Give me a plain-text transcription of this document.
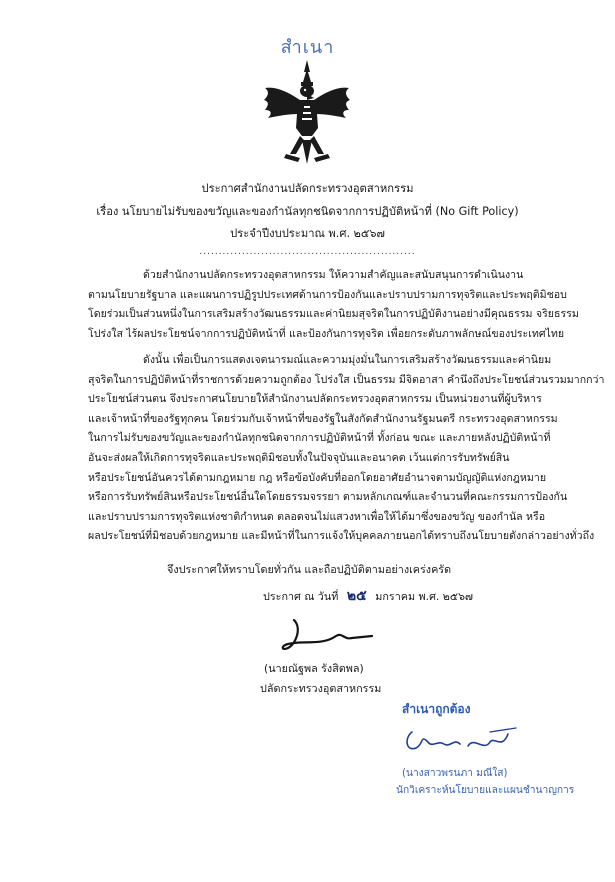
สำเนา
ประกาศสำนักงานปลัดกระทรวงอุตสาหกรรม
เรื่อง นโยบายไม่รับของขวัญและของกำนัลทุกชนิดจากการปฏิบัติหน้าที่ (No Gift Policy)
ประจำปีงบประมาณ พ.ศ. ๒๕๖๗
........................................................
ด้วยสำนักงานปลัดกระทรวงอุตสาหกรรม ให้ความสำคัญและสนับสนุนการดำเนินงาน
ตามนโยบายรัฐบาล และแผนการปฏิรูปประเทศด้านการป้องกันและปราบปรามการทุจริตและประพฤติมิชอบ
โดยร่วมเป็นส่วนหนึ่งในการเสริมสร้างวัฒนธรรมและค่านิยมสุจริตในการปฏิบัติงานอย่างมีคุณธรรม จริยธรรม
โปร่งใส ไร้ผลประโยชน์จากการปฏิบัติหน้าที่ และป้องกันการทุจริต เพื่อยกระดับภาพลักษณ์ของประเทศไทย
ดังนั้น เพื่อเป็นการแสดงเจตนารมณ์และความมุ่งมั่นในการเสริมสร้างวัฒนธรรมและค่านิยม
สุจริตในการปฏิบัติหน้าที่ราชการด้วยความถูกต้อง โปร่งใส เป็นธรรม มีจิตอาสา คำนึงถึงประโยชน์ส่วนรวมมากกว่า
ประโยชน์ส่วนตน จึงประกาศนโยบายให้สำนักงานปลัดกระทรวงอุตสาหกรรม เป็นหน่วยงานที่ผู้บริหาร
และเจ้าหน้าที่ของรัฐทุกคน โดยร่วมกับเจ้าหน้าที่ของรัฐในสังกัดสำนักงานรัฐมนตรี กระทรวงอุตสาหกรรม
ในการไม่รับของขวัญและของกำนัลทุกชนิดจากการปฏิบัติหน้าที่ ทั้งก่อน ขณะ และภายหลังปฏิบัติหน้าที่
อันจะส่งผลให้เกิดการทุจริตและประพฤติมิชอบทั้งในปัจจุบันและอนาคต เว้นแต่การรับทรัพย์สิน
หรือประโยชน์อันควรได้ตามกฎหมาย กฎ หรือข้อบังคับที่ออกโดยอาศัยอำนาจตามบัญญัติแห่งกฎหมาย
หรือการรับทรัพย์สินหรือประโยชน์อื่นใดโดยธรรมจรรยา ตามหลักเกณฑ์และจำนวนที่คณะกรรมการป้องกัน
และปราบปรามการทุจริตแห่งชาติกำหนด ตลอดจนไม่แสวงหาเพื่อให้ได้มาซึ่งของขวัญ ของกำนัล หรือ
ผลประโยชน์ที่มิชอบด้วยกฎหมาย และมีหน้าที่ในการแจ้งให้บุคคลภายนอกได้ทราบถึงนโยบายดังกล่าวอย่างทั่วถึง
จึงประกาศให้ทราบโดยทั่วกัน และถือปฏิบัติตามอย่างเคร่งครัด
ประกาศ ณ วันที่ ๒๕ มกราคม พ.ศ. ๒๕๖๗
(นายณัฐพล รังสิตพล)
ปลัดกระทรวงอุตสาหกรรม
สำเนาถูกต้อง
(นางสาวพรนภา มณีใส)
นักวิเคราะห์นโยบายและแผนชำนาญการ
